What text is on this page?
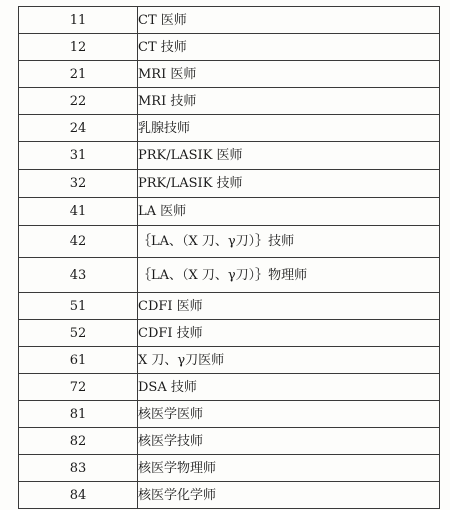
11	CT 医师
12	CT 技师
21	MRI 医师
22	MRI 技师
24	乳腺技师
31	PRK/LASIK 医师
32	PRK/LASIK 技师
41	LA 医师
42	｛LA、（X 刀、γ刀）｝技师
43	｛LA、（X 刀、γ刀）｝物理师
51	CDFI 医师
52	CDFI 技师
61	X 刀、γ刀医师
72	DSA 技师
81	核医学医师
82	核医学技师
83	核医学物理师
84	核医学化学师
